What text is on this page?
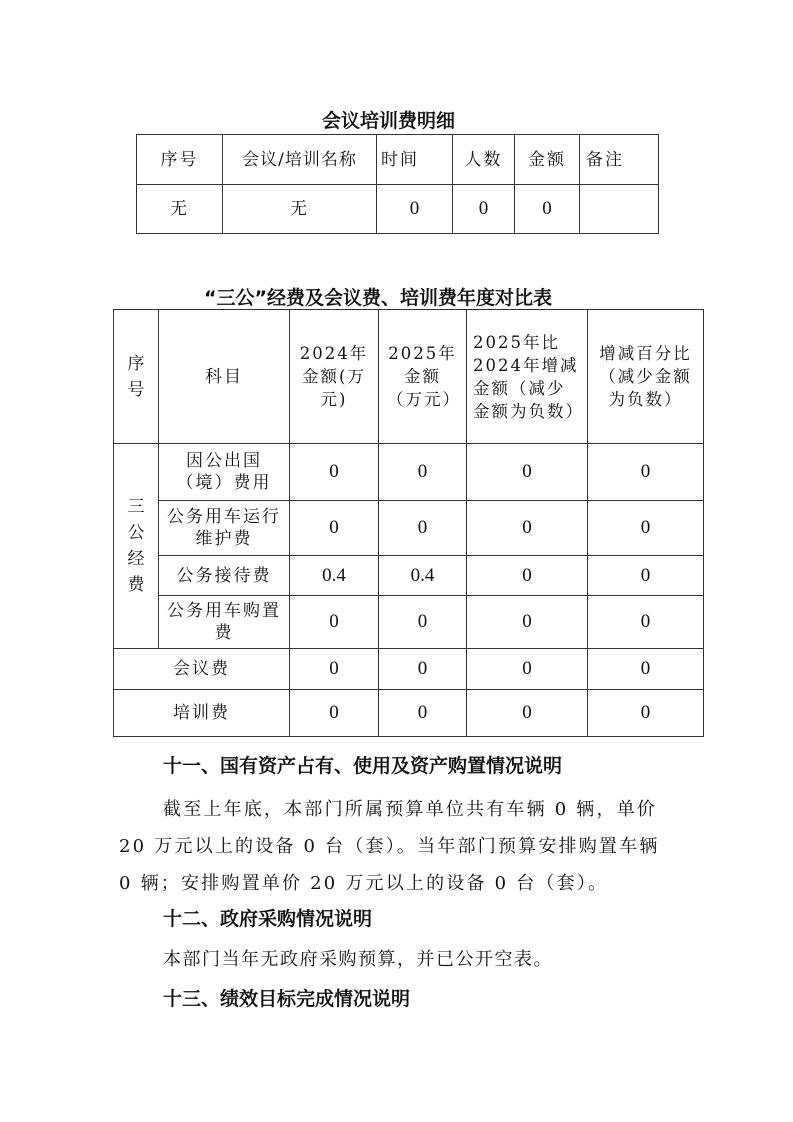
会议培训费明细
序号	会议/培训名称	时间	人数	金额	备注
无	无	0	0	0	
“三公”经费及会议费、培训费年度对比表
序号	科目	2024年金额(万元)	2025年金额（万元）	2025年比2024年增减金额（减少金额为负数）	增减百分比（减少金额为负数）

三公经费	因公出国（境）费用	0	0	0	0

	公务用车运行维护费	0	0	0	0
	公务接待费	0.4	0.4	0	0

	公务用车购置费	0	0	0	0
会议费		0	0	0	0
培训费		0	0	0	0
十一、国有资产占有、使用及资产购置情况说明
截至上年底，本部门所属预算单位共有车辆 0 辆，单价
20 万元以上的设备 0 台（套）。当年部门预算安排购置车辆
0 辆；安排购置单价 20 万元以上的设备 0 台（套）。
十二、政府采购情况说明
本部门当年无政府采购预算，并已公开空表。
十三、绩效目标完成情况说明
